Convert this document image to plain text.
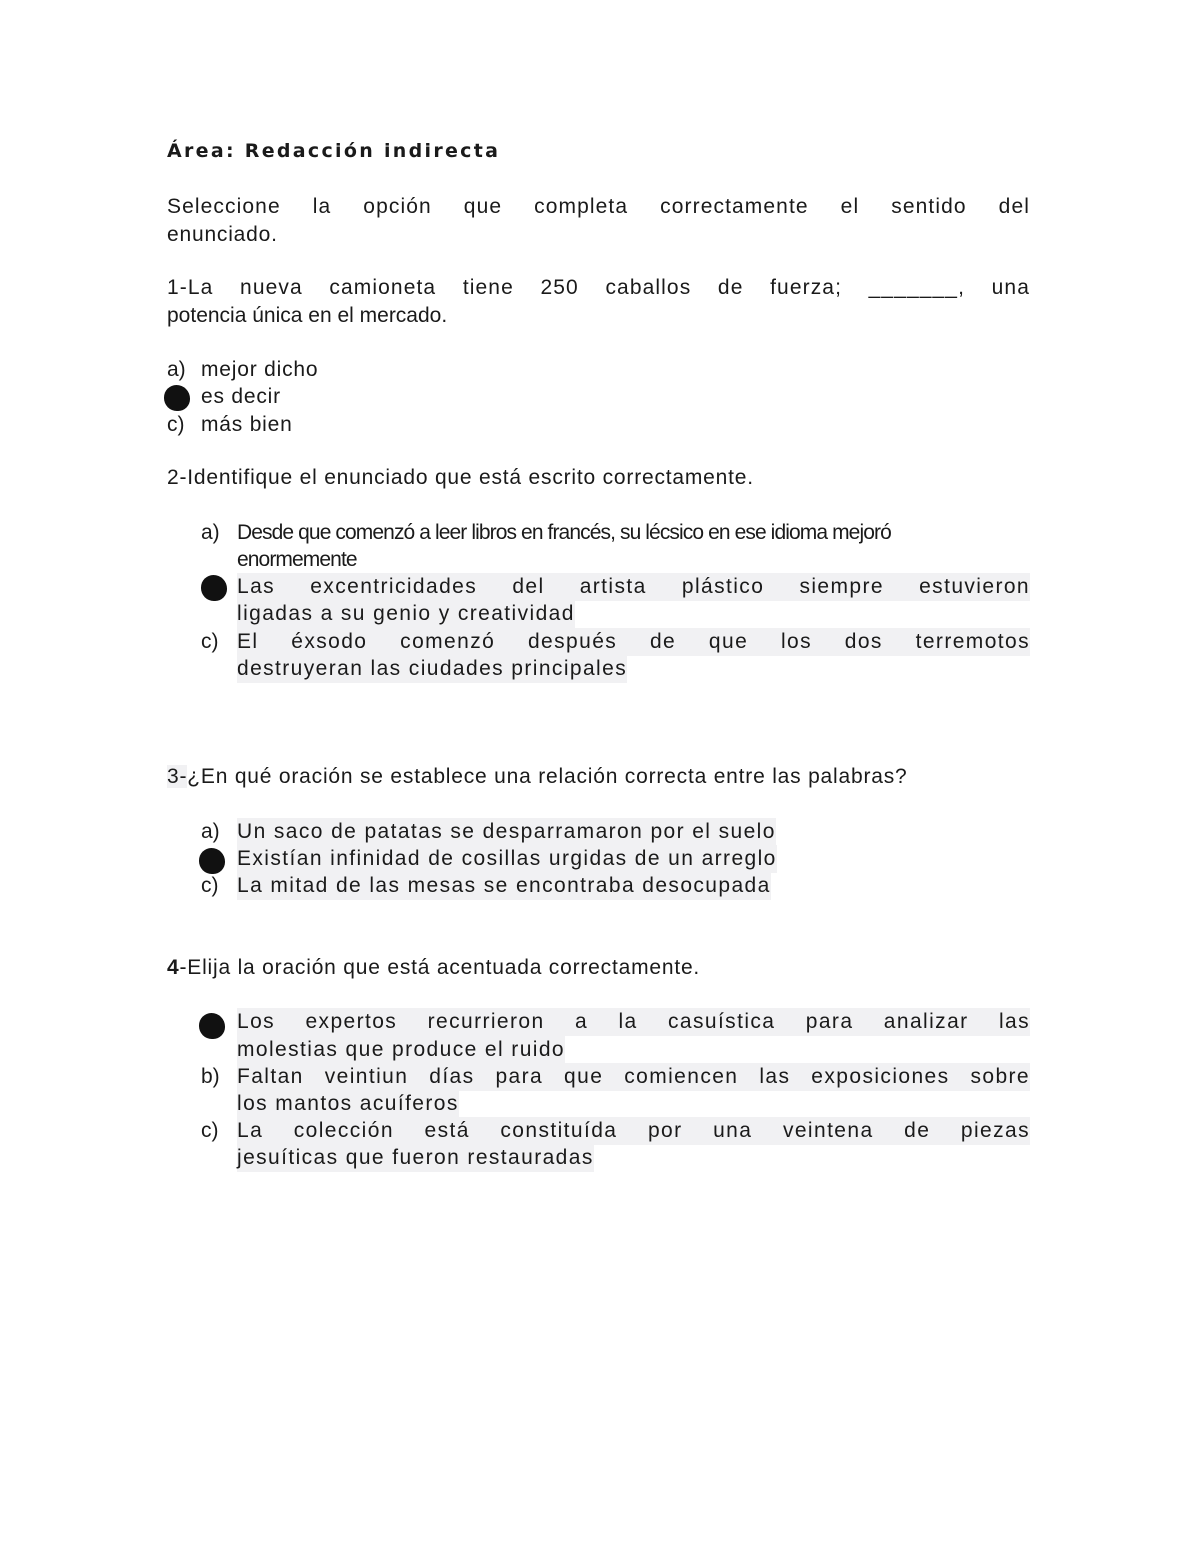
Área: Redacción indirecta
Seleccione la opción que completa correctamente el sentido del
enunciado.
1-La nueva camioneta tiene 250 caballos de fuerza; _______, una
potencia única en el mercado.
a) mejor dicho
es decir
c) más bien
2-Identifique el enunciado que está escrito correctamente.
a) Desde que comenzó a leer libros en francés, su lécsico en ese idioma mejoró
enormemente
Las excentricidades del artista plástico siempre estuvieron
ligadas a su genio y creatividad
c) El éxsodo comenzó después de que los dos terremotos
destruyeran las ciudades principales
3-¿En qué oración se establece una relación correcta entre las palabras?
a) Un saco de patatas se desparramaron por el suelo
Existían infinidad de cosillas urgidas de un arreglo
c) La mitad de las mesas se encontraba desocupada
4-Elija la oración que está acentuada correctamente.
Los expertos recurrieron a la casuística para analizar las
molestias que produce el ruido
b) Faltan veintiun días para que comiencen las exposiciones sobre
los mantos acuíferos
c) La colección está constituída por una veintena de piezas
jesuíticas que fueron restauradas
